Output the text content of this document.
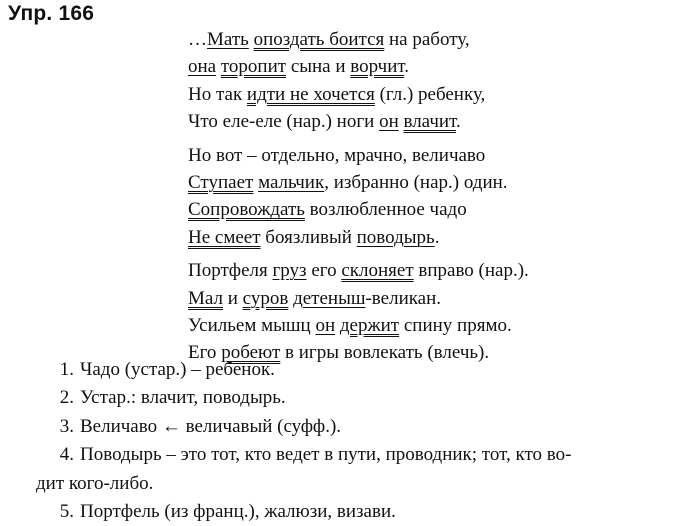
Упр. 166
…Мать опоздать боится на работу,
она торопит сына и ворчит.
Но так идти не хочется (гл.) ребенку,
Что еле-еле (нар.) ноги он влачит.
Но вот – отдельно, мрачно, величаво
Ступает мальчик, избранно (нар.) один.
Сопровождать возлюбленное чадо
Не смеет боязливый поводырь.
Портфеля груз его склоняет вправо (нар.).
Мал и суров детеныш-великан.
Усильем мышц он держит спину прямо.
Его робеют в игры вовлекать (влечь).
1. Чадо (устар.) – ребенок.
2. Устар.: влачит, поводырь.
3. Величаво ← величавый (суфф.).
4. Поводырь – это тот, кто ведет в пути, проводник; тот, кто во-
дит кого-либо.
5. Портфель (из франц.), жалюзи, визави.
